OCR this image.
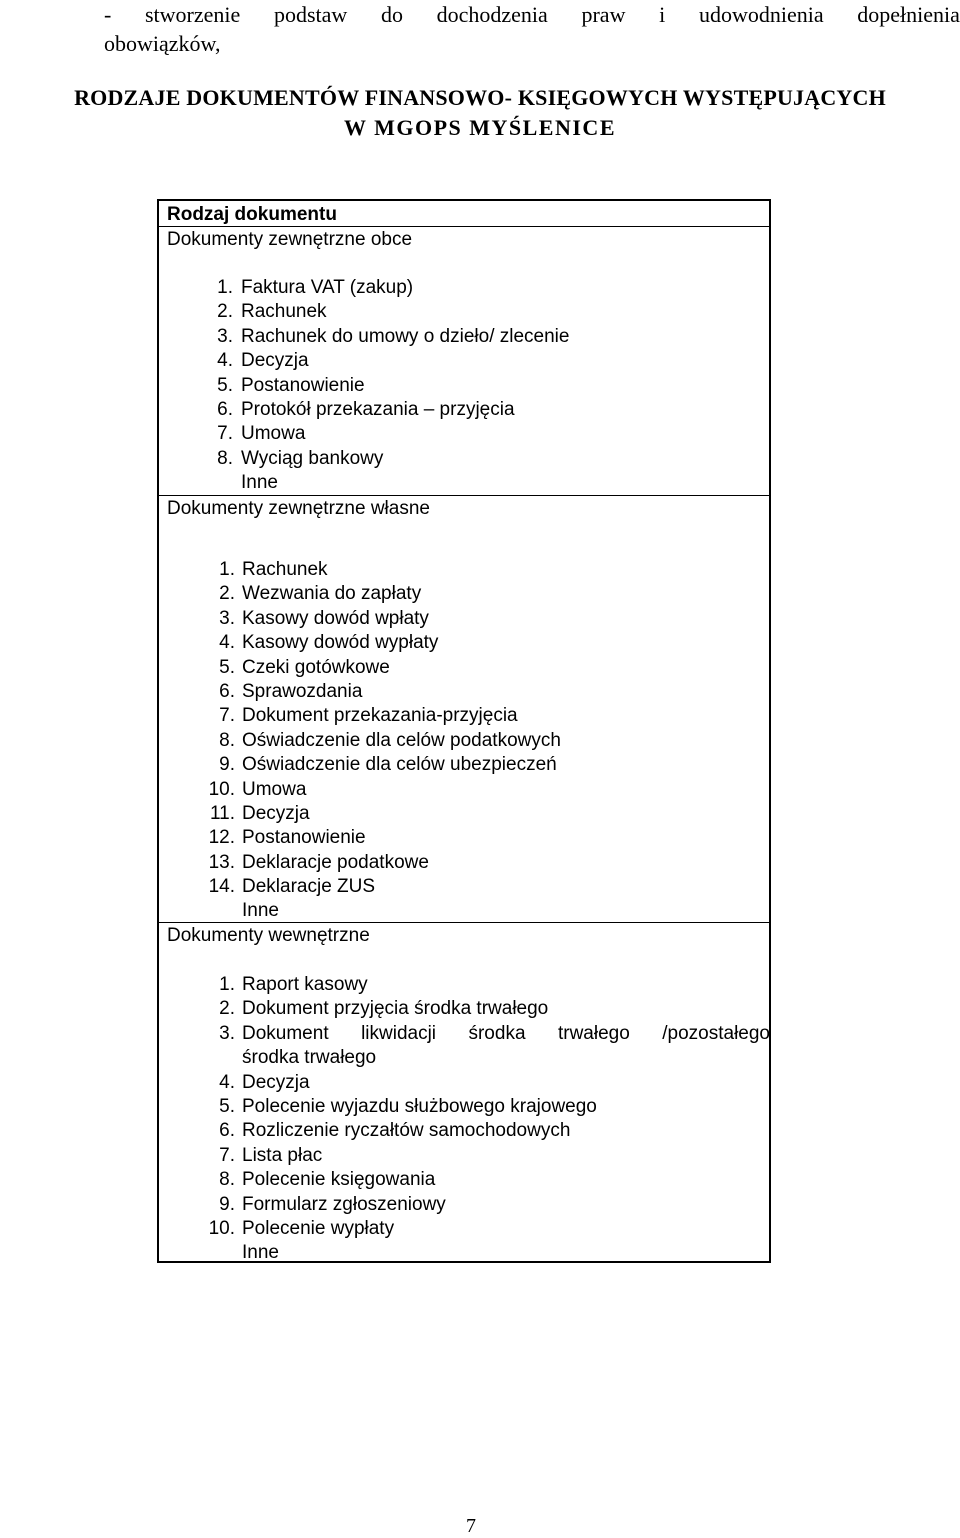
- stworzenie podstaw do dochodzenia praw i udowodnienia dopełnienia
obowiązków,
RODZAJE DOKUMENTÓW FINANSOWO- KSIĘGOWYCH WYSTĘPUJĄCYCH
W MGOPS MYŚLENICE
Rodzaj dokumentu
Dokumenty zewnętrzne obce
1. Faktura VAT (zakup)
2. Rachunek
3. Rachunek do umowy o dzieło/ zlecenie
4. Decyzja
5. Postanowienie
6. Protokół przekazania – przyjęcia
7. Umowa
8. Wyciąg bankowy
Inne
Dokumenty zewnętrzne własne
1. Rachunek
2. Wezwania do zapłaty
3. Kasowy dowód wpłaty
4. Kasowy dowód wypłaty
5. Czeki gotówkowe
6. Sprawozdania
7. Dokument przekazania-przyjęcia
8. Oświadczenie dla celów podatkowych
9. Oświadczenie dla celów ubezpieczeń
10. Umowa
11. Decyzja
12. Postanowienie
13. Deklaracje podatkowe
14. Deklaracje ZUS
Inne
Dokumenty wewnętrzne
1. Raport kasowy
2. Dokument przyjęcia środka trwałego
3. Dokument likwidacji środka trwałego /pozostałego
środka trwałego
4. Decyzja
5. Polecenie wyjazdu służbowego krajowego
6. Rozliczenie ryczałtów samochodowych
7. Lista płac
8. Polecenie księgowania
9. Formularz zgłoszeniowy
10. Polecenie wypłaty
Inne
7
